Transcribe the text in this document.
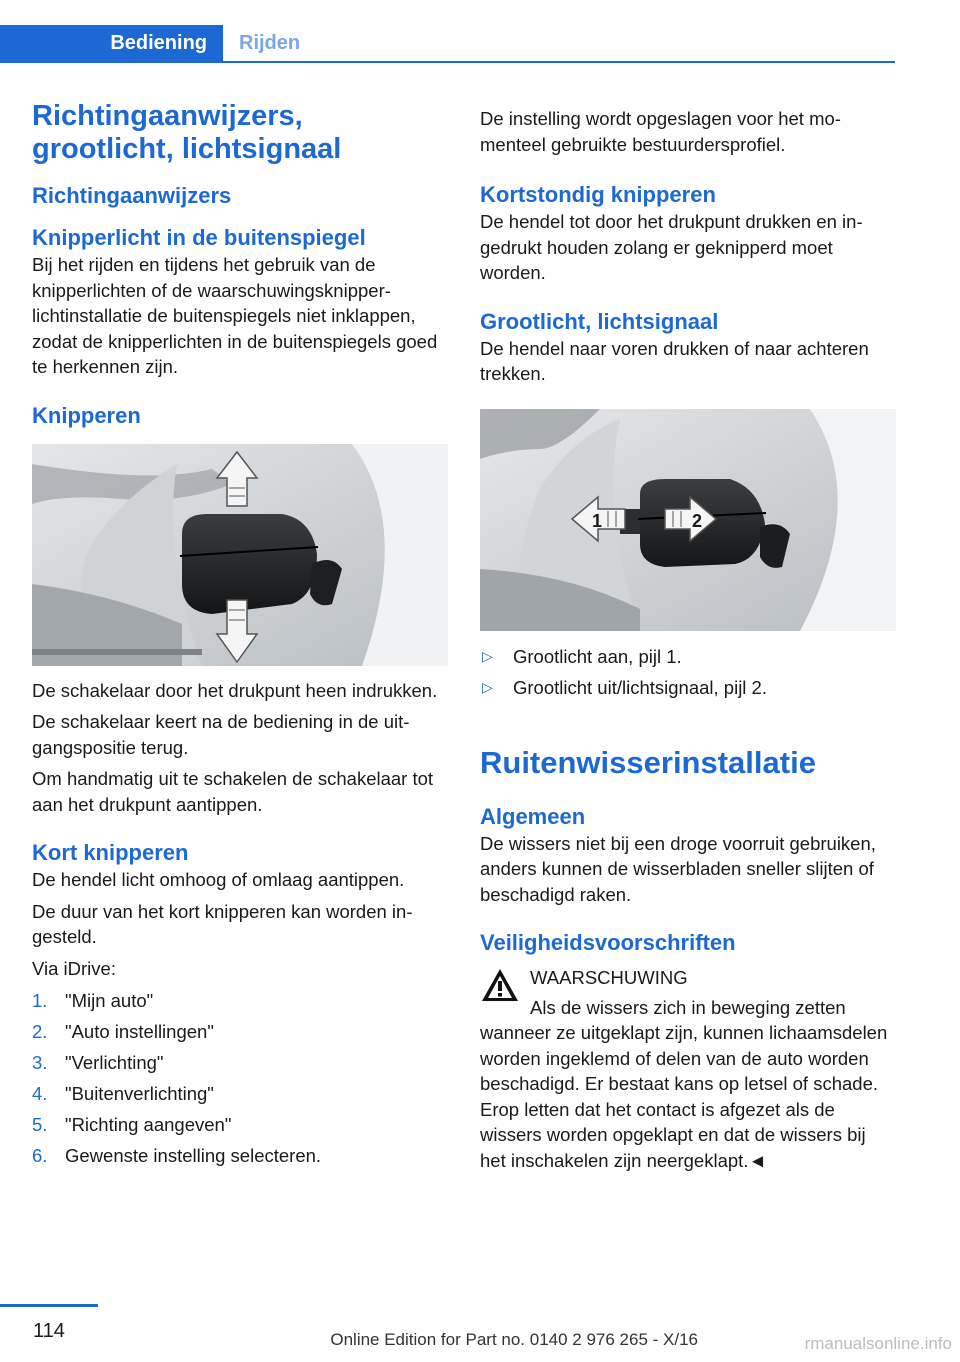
Bediening	Rijden
Richtingaanwijzers, grootlicht, lichtsignaal
Richtingaanwijzers
Knipperlicht in de buitenspiegel
Bij het rijden en tijdens het gebruik van de knipperlichten of de waarschuwingsknipperlichtinstallatie de buitenspiegels niet inklappen, zodat de knipperlichten in de buitenspiegels goed te herkennen zijn.
Knipperen
De schakelaar door het drukpunt heen indrukken.
De schakelaar keert na de bediening in de uitgangspositie terug.
Om handmatig uit te schakelen de schakelaar tot aan het drukpunt aantippen.
Kort knipperen
De hendel licht omhoog of omlaag aantippen.
De duur van het kort knipperen kan worden ingesteld.
Via iDrive:
1. "Mijn auto"
2. "Auto instellingen"
3. "Verlichting"
4. "Buitenverlichting"
5. "Richting aangeven"
6. Gewenste instelling selecteren.
De instelling wordt opgeslagen voor het momenteel gebruikte bestuurdersprofiel.
Kortstondig knipperen
De hendel tot door het drukpunt drukken en ingedrukt houden zolang er geknipperd moet worden.
Grootlicht, lichtsignaal
De hendel naar voren drukken of naar achteren trekken.
1	2
▷ Grootlicht aan, pijl 1.
▷ Grootlicht uit/lichtsignaal, pijl 2.
Ruitenwisserinstallatie
Algemeen
De wissers niet bij een droge voorruit gebruiken, anders kunnen de wisserbladen sneller slijten of beschadigd raken.
Veiligheidsvoorschriften
WAARSCHUWING
Als de wissers zich in beweging zetten wanneer ze uitgeklapt zijn, kunnen lichaamsdelen worden ingeklemd of delen van de auto worden beschadigd. Er bestaat kans op letsel of schade. Erop letten dat het contact is afgezet als de wissers worden opgeklapt en dat de wissers bij het inschakelen zijn neergeklapt.◄
114	Online Edition for Part no. 0140 2 976 265 - X/16	rmanualsonline.info
